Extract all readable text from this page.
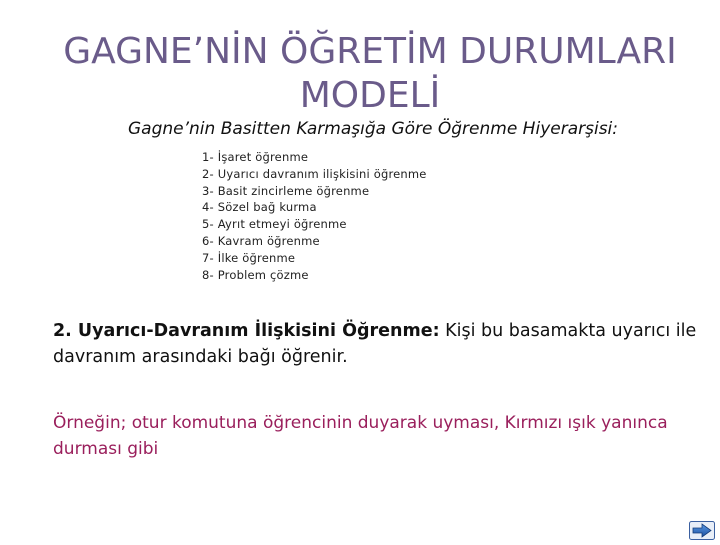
GAGNE’NİN ÖĞRETİM DURUMLARI
MODELİ
Gagne’nin Basitten Karmaşığa Göre Öğrenme Hiyerarşisi:
1- İşaret öğrenme
2- Uyarıcı davranım ilişkisini öğrenme
3- Basit zincirleme öğrenme
4- Sözel bağ kurma
5- Ayrıt etmeyi öğrenme
6- Kavram öğrenme
7- İlke öğrenme
8- Problem çözme
2. Uyarıcı-Davranım İlişkisini Öğrenme: Kişi bu basamakta uyarıcı ile davranım arasındaki bağı öğrenir.
Örneğin; otur komutuna öğrencinin duyarak uyması, Kırmızı ışık yanınca durması gibi
